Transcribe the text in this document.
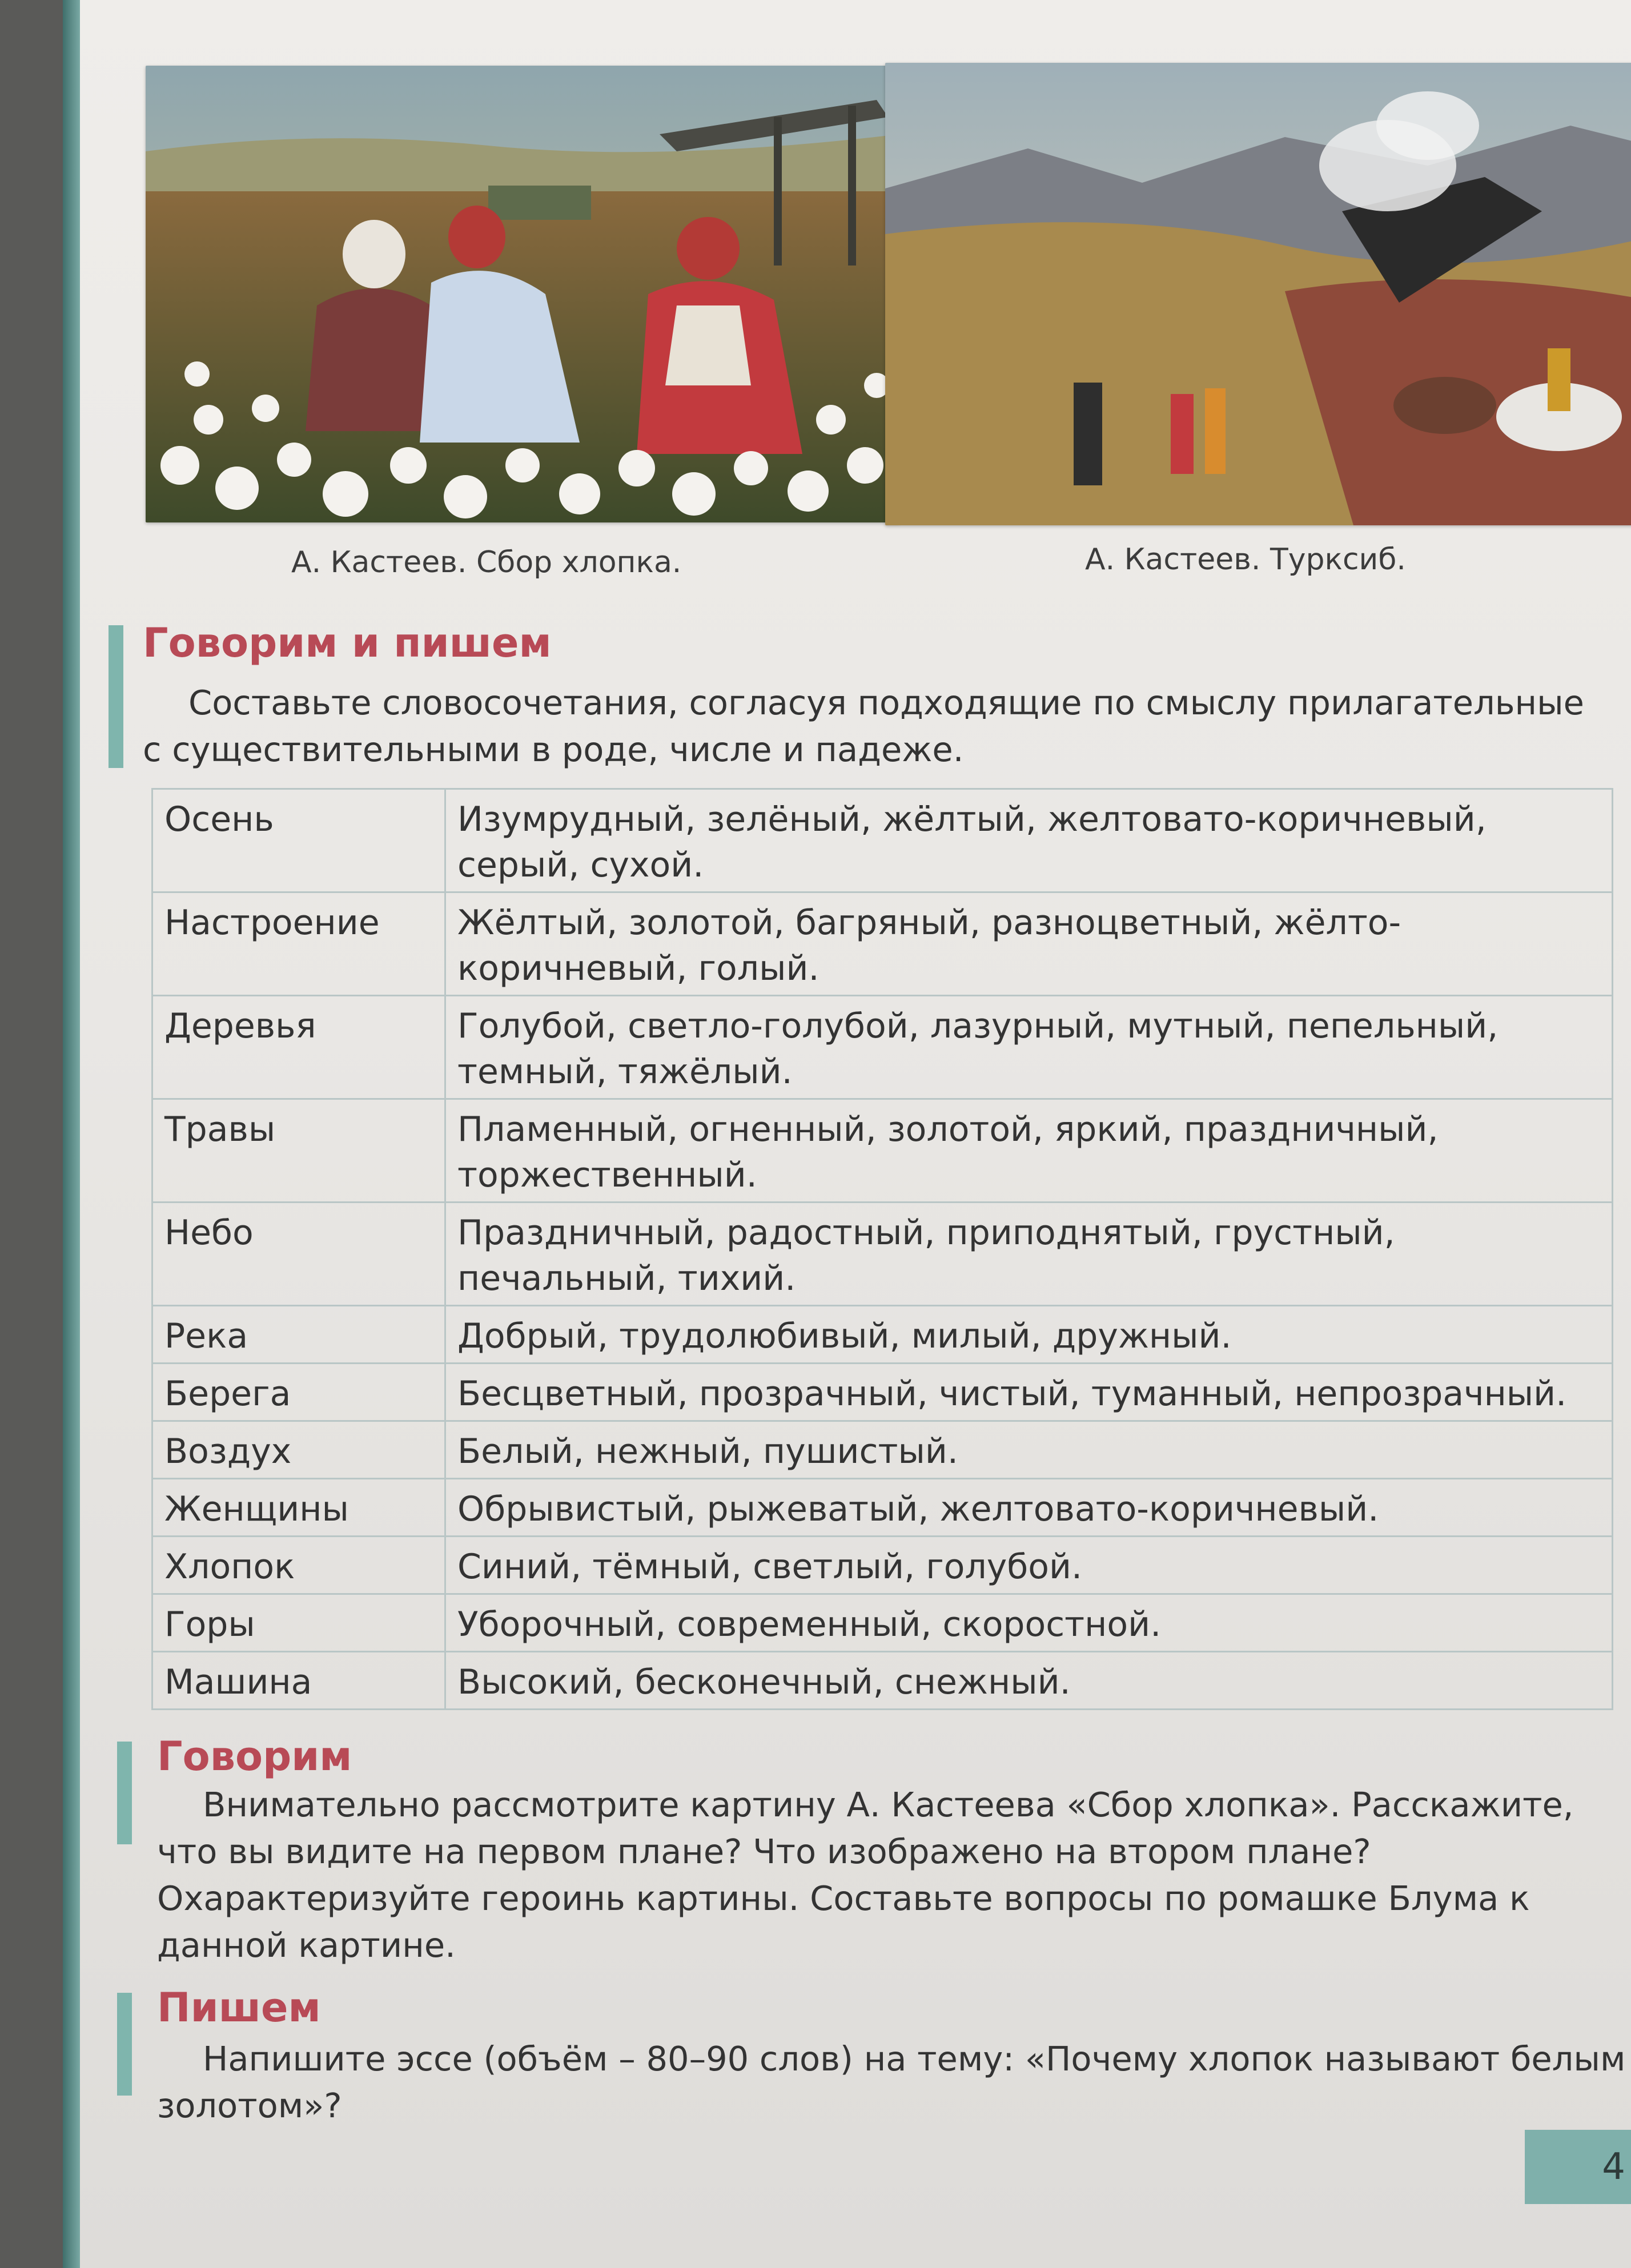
А. Кастеев. Сбор хлопка.	А. Кастеев. Турксиб.
Говорим и пишем
Составьте словосочетания, согласуя подходящие по смыслу прилагательные с существительными в роде, числе и падеже.
Осень	Изумрудный, зелёный, жёлтый, желтовато-коричневый, серый, сухой.
Настроение	Жёлтый, золотой, багряный, разноцветный, жёлто-коричневый, голый.
Деревья	Голубой, светло-голубой, лазурный, мутный, пепельный, темный, тяжёлый.
Травы	Пламенный, огненный, золотой, яркий, праздничный, торжественный.
Небо	Праздничный, радостный, приподнятый, грустный, печальный, тихий.
Река	Добрый, трудолюбивый, милый, дружный.
Берега	Бесцветный, прозрачный, чистый, туманный, непрозрачный.
Воздух	Белый, нежный, пушистый.
Женщины	Обрывистый, рыжеватый, желтовато-коричневый.
Хлопок	Синий, тёмный, светлый, голубой.
Горы	Уборочный, современный, скоростной.
Машина	Высокий, бесконечный, снежный.
Говорим
Внимательно рассмотрите картину А. Кастеева «Сбор хлопка». Расскажите, что вы видите на первом плане? Что изображено на втором плане? Охарактеризуйте героинь картины. Составьте вопросы по ромашке Блума к данной картине.
Пишем
Напишите эссе (объём – 80–90 слов) на тему: «Почему хлопок называют белым золотом»?
4
